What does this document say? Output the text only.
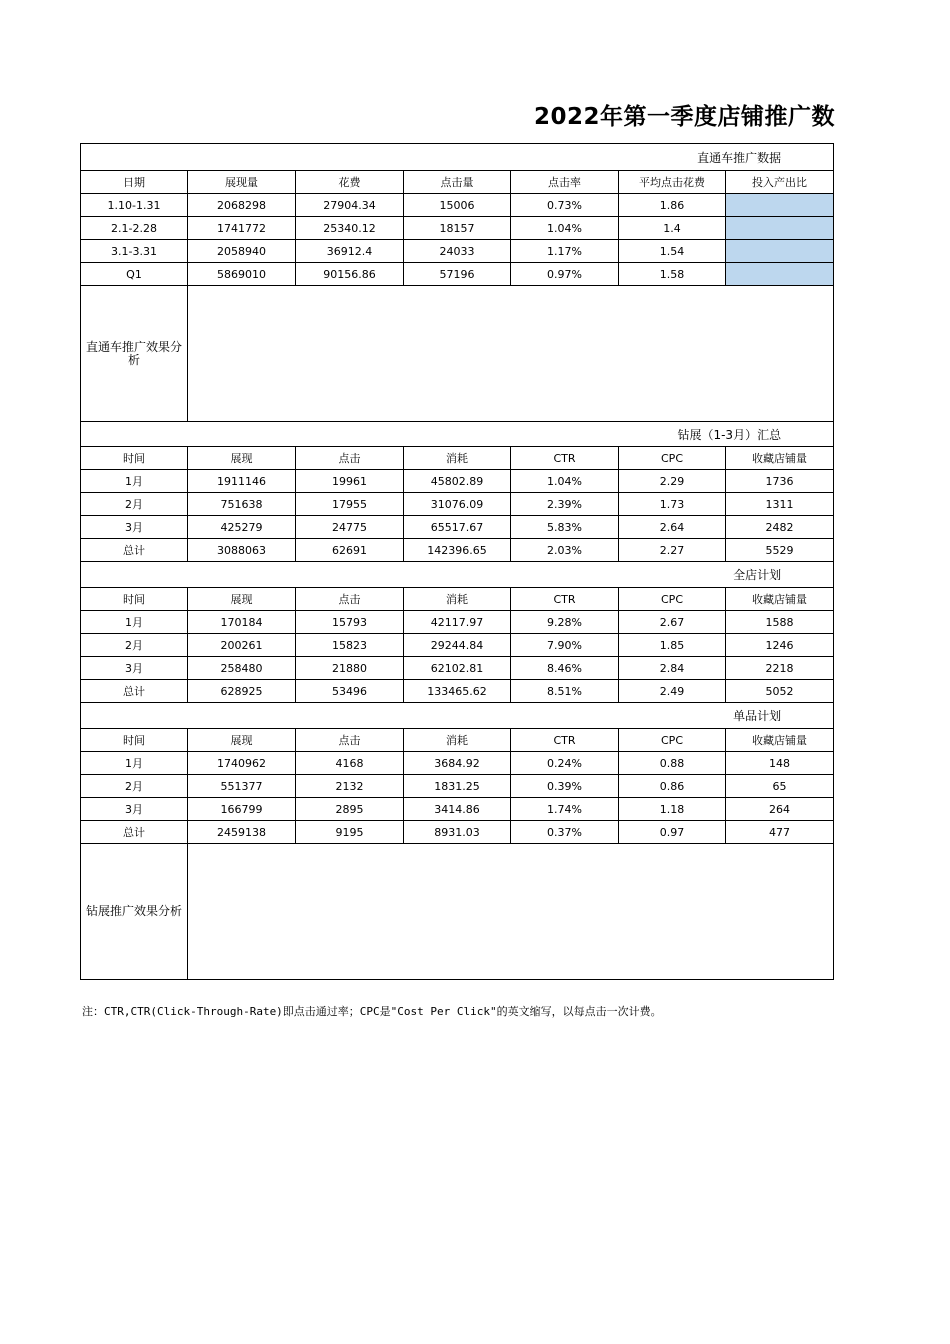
2022年第一季度店铺推广数
直通车推广数据						
日期	展现量	花费	点击量	点击率	平均点击花费	投入产出比
1.10-1.31	2068298	27904.34	15006	0.73%	1.86	
2.1-2.28	1741772	25340.12	18157	1.04%	1.4	
3.1-3.31	2058940	36912.4	24033	1.17%	1.54	
Q1	5869010	90156.86	57196	0.97%	1.58	
直通车推广效果分析						
钻展（1-3月）汇总						
时间	展现	点击	消耗	CTR	CPC	收藏店铺量
1月	1911146	19961	45802.89	1.04%	2.29	1736
2月	751638	17955	31076.09	2.39%	1.73	1311
3月	425279	24775	65517.67	5.83%	2.64	2482
总计	3088063	62691	142396.65	2.03%	2.27	5529
全店计划						
时间	展现	点击	消耗	CTR	CPC	收藏店铺量
1月	170184	15793	42117.97	9.28%	2.67	1588
2月	200261	15823	29244.84	7.90%	1.85	1246
3月	258480	21880	62102.81	8.46%	2.84	2218
总计	628925	53496	133465.62	8.51%	2.49	5052
单品计划						
时间	展现	点击	消耗	CTR	CPC	收藏店铺量
1月	1740962	4168	3684.92	0.24%	0.88	148
2月	551377	2132	1831.25	0.39%	0.86	65
3月	166799	2895	3414.86	1.74%	1.18	264
总计	2459138	9195	8931.03	0.37%	0.97	477
钻展推广效果分析						
注：CTR,CTR(Click-Through-Rate)即点击通过率；CPC是"Cost Per Click"的英文缩写，以每点击一次计费。
